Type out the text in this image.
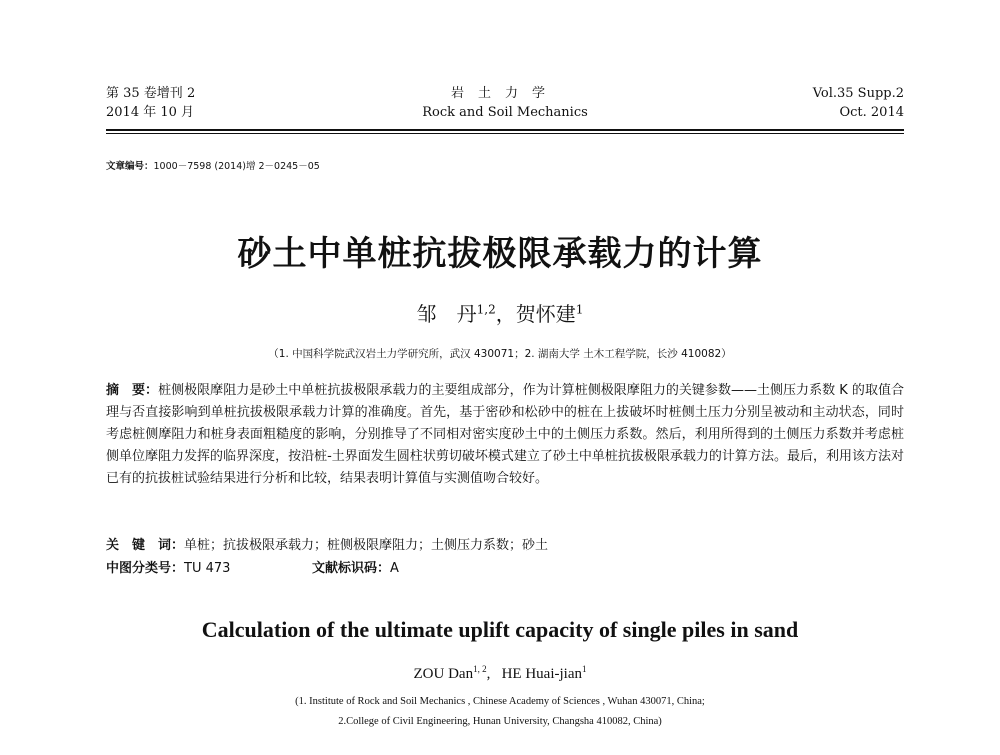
第 35 卷增刊 2
2014 年 10 月
岩土力学
Rock and Soil Mechanics
Vol.35 Supp.2
Oct. 2014
文章编号：1000－7598 (2014)增 2－0245－05
砂土中单桩抗拔极限承载力的计算
邹　丹$^{1,2}$，贺怀建$^1$
（1. 中国科学院武汉岩土力学研究所，武汉 430071；2. 湖南大学 土木工程学院，长沙 410082）
摘　要：桩侧极限摩阻力是砂土中单桩抗拔极限承载力的主要组成部分，作为计算桩侧极限摩阻力的关键参数——土侧压力系数 K 的取值合理与否直接影响到单桩抗拔极限承载力计算的准确度。首先，基于密砂和松砂中的桩在上拔破坏时桩侧土压力分别呈被动和主动状态，同时考虑桩侧摩阻力和桩身表面粗糙度的影响，分别推导了不同相对密实度砂土中的土侧压力系数。然后，利用所得到的土侧压力系数并考虑桩侧单位摩阻力发挥的临界深度，按沿桩-土界面发生圆柱状剪切破坏模式建立了砂土中单桩抗拔极限承载力的计算方法。最后，利用该方法对已有的抗拔桩试验结果进行分析和比较，结果表明计算值与实测值吻合较好。
关　键　词：单桩；抗拔极限承载力；桩侧极限摩阻力；土侧压力系数；砂土
中图分类号：TU 473	文献标识码：A
Calculation of the ultimate uplift capacity of single piles in sand
ZOU Dan$^{1, 2}$, HE Huai-jian$^1$
(1. Institute of Rock and Soil Mechanics , Chinese Academy of Sciences , Wuhan 430071, China;
2.College of Civil Engineering, Hunan University, Changsha 410082, China)
